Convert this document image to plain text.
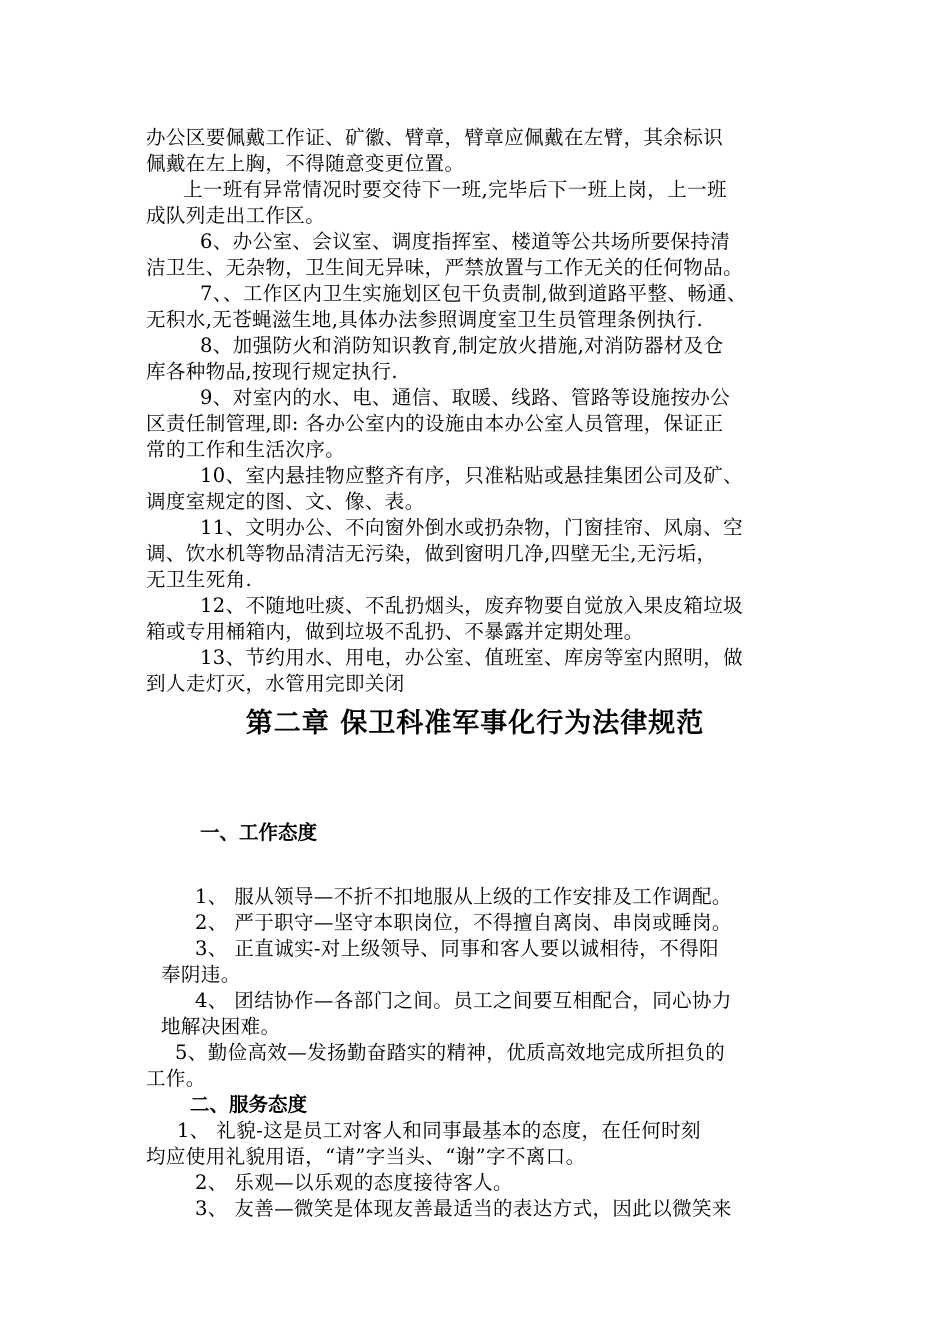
办公区要佩戴工作证、矿徽、臂章，臂章应佩戴在左臂，其余标识
佩戴在左上胸，不得随意变更位置。
上一班有异常情况时要交待下一班,完毕后下一班上岗，上一班
成队列走出工作区。
6、办公室、会议室、调度指挥室、楼道等公共场所要保持清
洁卫生、无杂物，卫生间无异味，严禁放置与工作无关的任何物品。
7、、工作区内卫生实施划区包干负责制,做到道路平整、畅通、
无积水,无苍蝇滋生地,具体办法参照调度室卫生员管理条例执行.
8、加强防火和消防知识教育,制定放火措施,对消防器材及仓
库各种物品,按现行规定执行.
9、对室内的水、电、通信、取暖、线路、管路等设施按办公
区责任制管理,即: 各办公室内的设施由本办公室人员管理，保证正
常的工作和生活次序。
10、室内悬挂物应整齐有序，只准粘贴或悬挂集团公司及矿、
调度室规定的图、文、像、表。
11、文明办公、不向窗外倒水或扔杂物，门窗挂帘、风扇、空
调、饮水机等物品清洁无污染，做到窗明几净,四壁无尘,无污垢，
无卫生死角.
12、不随地吐痰、不乱扔烟头，废弃物要自觉放入果皮箱垃圾
箱或专用桶箱内，做到垃圾不乱扔、不暴露并定期处理。
13、节约用水、用电，办公室、值班室、库房等室内照明，做
到人走灯灭，水管用完即关闭
第二章 保卫科准军事化行为法律规范
一、工作态度
1、 服从领导—不折不扣地服从上级的工作安排及工作调配。
2、 严于职守—坚守本职岗位，不得擅自离岗、串岗或睡岗。
3、 正直诚实-对上级领导、同事和客人要以诚相待，不得阳
奉阴违。
4、 团结协作—各部门之间。员工之间要互相配合，同心协力
地解决困难。
5、勤俭高效—发扬勤奋踏实的精神，优质高效地完成所担负的
工作。
二、服务态度
1、 礼貌-这是员工对客人和同事最基本的态度，在任何时刻
均应使用礼貌用语，“请”字当头、“谢”字不离口。
2、 乐观—以乐观的态度接待客人。
3、 友善—微笑是体现友善最适当的表达方式，因此以微笑来
